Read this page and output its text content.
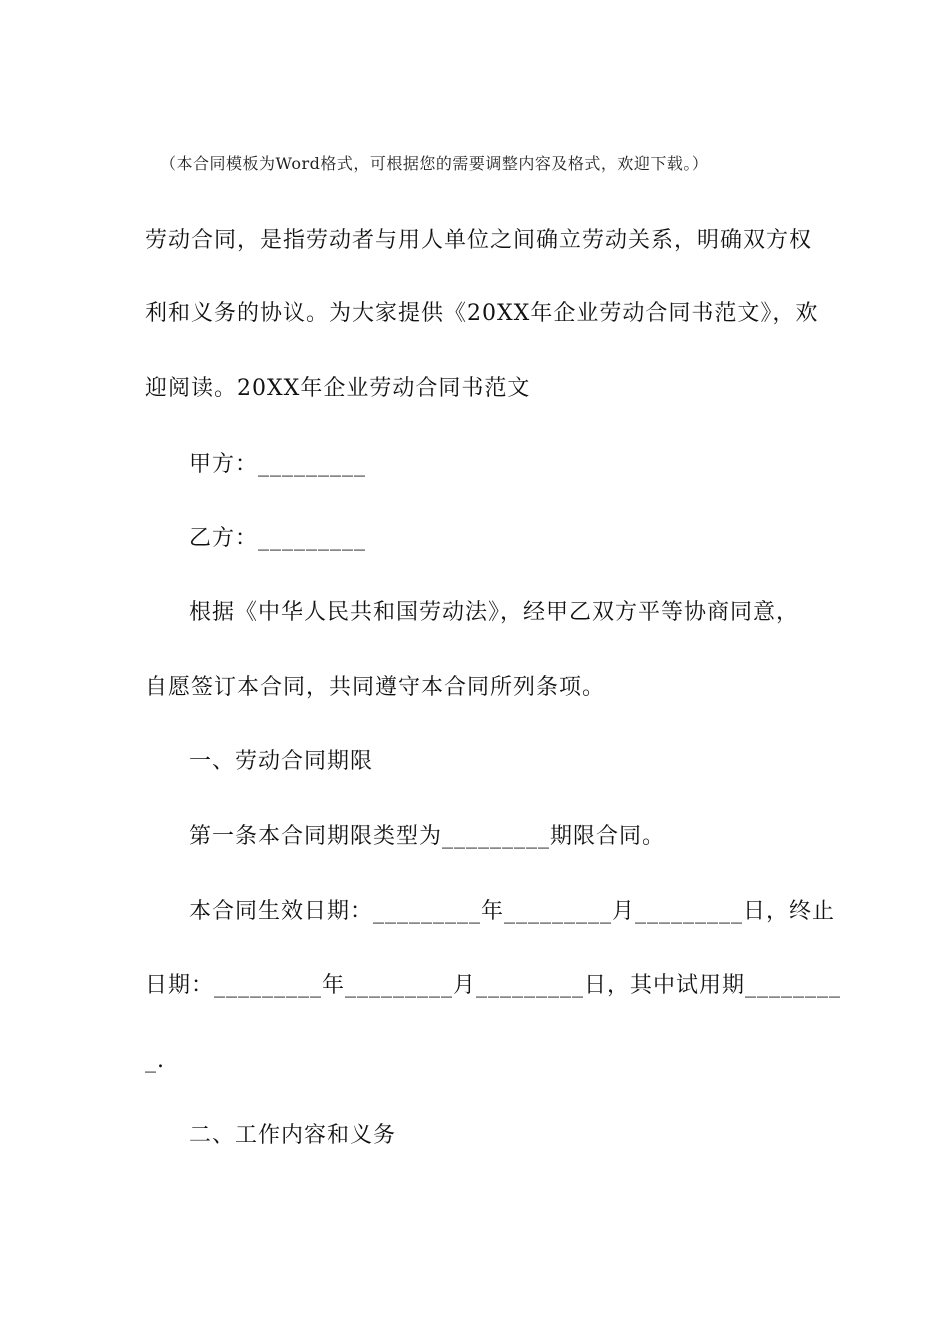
（本合同模板为Word格式，可根据您的需要调整内容及格式，欢迎下载。）
劳动合同，是指劳动者与用人单位之间确立劳动关系，明确双方权
利和义务的协议。为大家提供《20XX年企业劳动合同书范文》，欢
迎阅读。20XX年企业劳动合同书范文
甲方：_________
乙方：_________
根据《中华人民共和国劳动法》，经甲乙双方平等协商同意，
自愿签订本合同，共同遵守本合同所列条项。
一、劳动合同期限
第一条本合同期限类型为_________期限合同。
本合同生效日期：_________年_________月_________日，终止
日期：_________年_________月_________日，其中试用期________
_.
二、工作内容和义务
